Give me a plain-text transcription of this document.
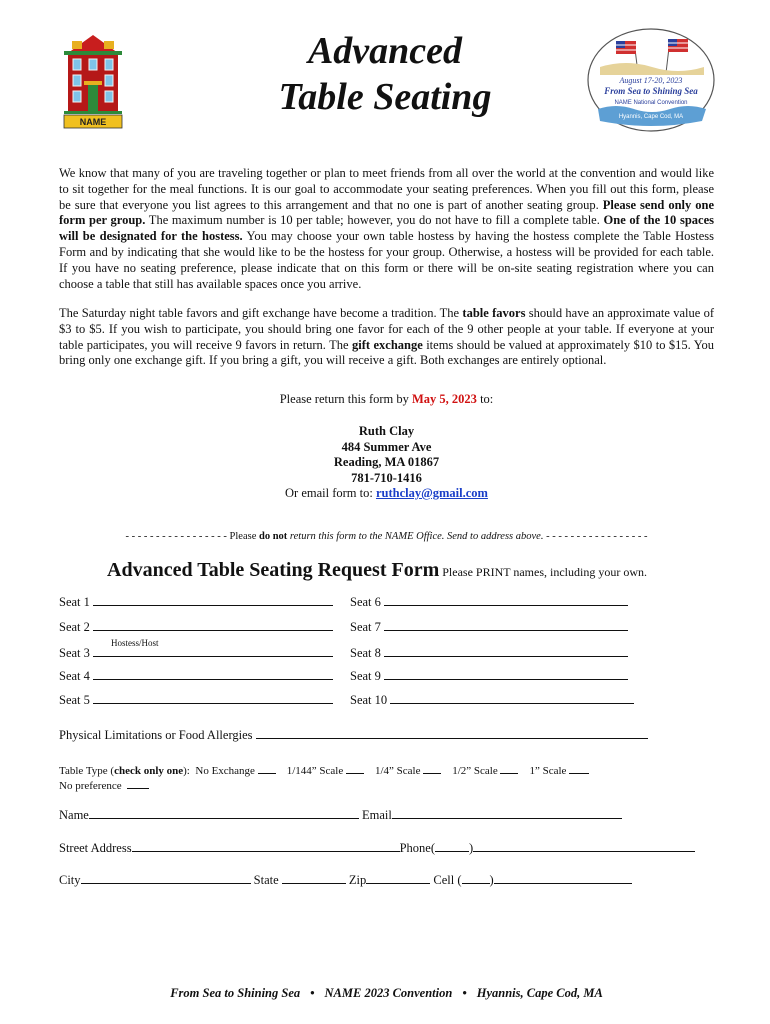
NAME
Advanced
Table Seating	August 17-20, 2023
From Sea to Shining Sea
NAME National Convention
Hyannis, Cape Cod, MA
We know that many of you are traveling together or plan to meet friends from all over the world at the convention and would like to sit together for the meal functions. It is our goal to accommodate your seating preferences. When you fill out this form, please be sure that everyone you list agrees to this arrangement and that no one is part of another seating group. Please send only one form per group. The maximum number is 10 per table; however, you do not have to fill a complete table. One of the 10 spaces will be designated for the hostess. You may choose your own table hostess by having the hostess complete the Table Hostess Form and by indicating that she would like to be the hostess for your group. Otherwise, a hostess will be provided for each table. If you have no seating preference, please indicate that on this form or there will be on-site seating registration where you can choose a table that still has available spaces once you arrive.
The Saturday night table favors and gift exchange have become a tradition. The table favors should have an approximate value of $3 to $5. If you wish to participate, you should bring one favor for each of the 9 other people at your table. If everyone at your table participates, you will receive 9 favors in return. The gift exchange items should be valued at approximately $10 to $15. You bring only one exchange gift. If you bring a gift, you will receive a gift. Both exchanges are entirely optional.
Please return this form by May 5, 2023 to:
Ruth Clay
484 Summer Ave
Reading, MA 01867
781-710-1416
Or email form to: ruthclay@gmail.com
- - - - - - - - - - - - - - - - - Please do not return this form to the NAME Office. Send to address above. - - - - - - - - - - - - - - - - -
Advanced Table Seating Request Form Please PRINT names, including your own.
Seat 1
Seat 2
Hostess/Host
Seat 3
Seat 4
Seat 5
Seat 6
Seat 7
Seat 8
Seat 9
Seat 10
Physical Limitations or Food Allergies
Table Type (check only one): No Exchange	1/144” Scale	1/4” Scale	1/2” Scale	1” Scale
No preference
Name	Email
Street Address	Phone(	)
City	State	Zip	Cell ( )
From Sea to Shining Sea • NAME 2023 Convention • Hyannis, Cape Cod, MA
